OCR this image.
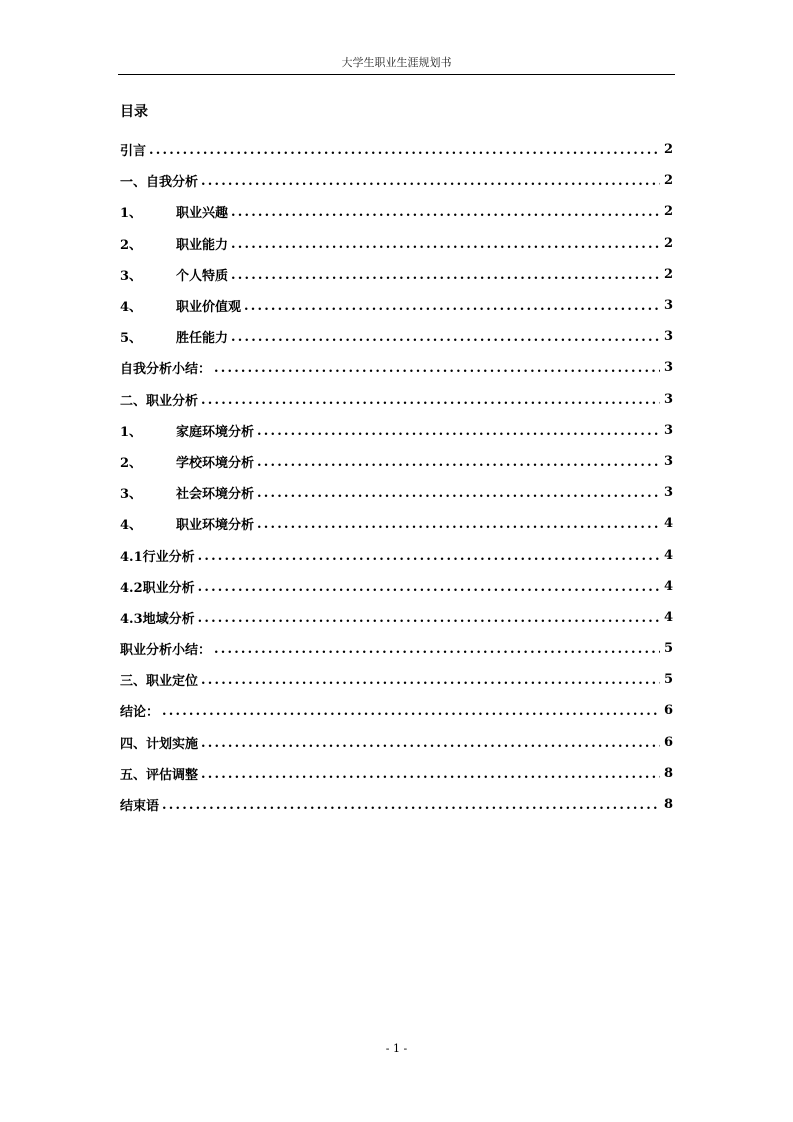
大学生职业生涯规划书
目录
引言 .....	2
一、自我分析 .....	2
1、	职业兴趣 .....	2
2、	职业能力 .....	2
3、	个人特质 .....	2
4、	职业价值观 .....	3
5、	胜任能力 .....	3
自我分析小结： .....	3
二、职业分析 .....	3
1、	家庭环境分析 .....	3
2、	学校环境分析 .....	3
3、	社会环境分析 .....	3
4、	职业环境分析 .....	4
4.1行业分析 .....	4
4.2职业分析 .....	4
4.3地域分析 .....	4
职业分析小结： .....	5
三、职业定位 .....	5
结论： .....	6
四、计划实施 .....	6
五、评估调整 .....	8
结束语 .....	8
- 1 -
